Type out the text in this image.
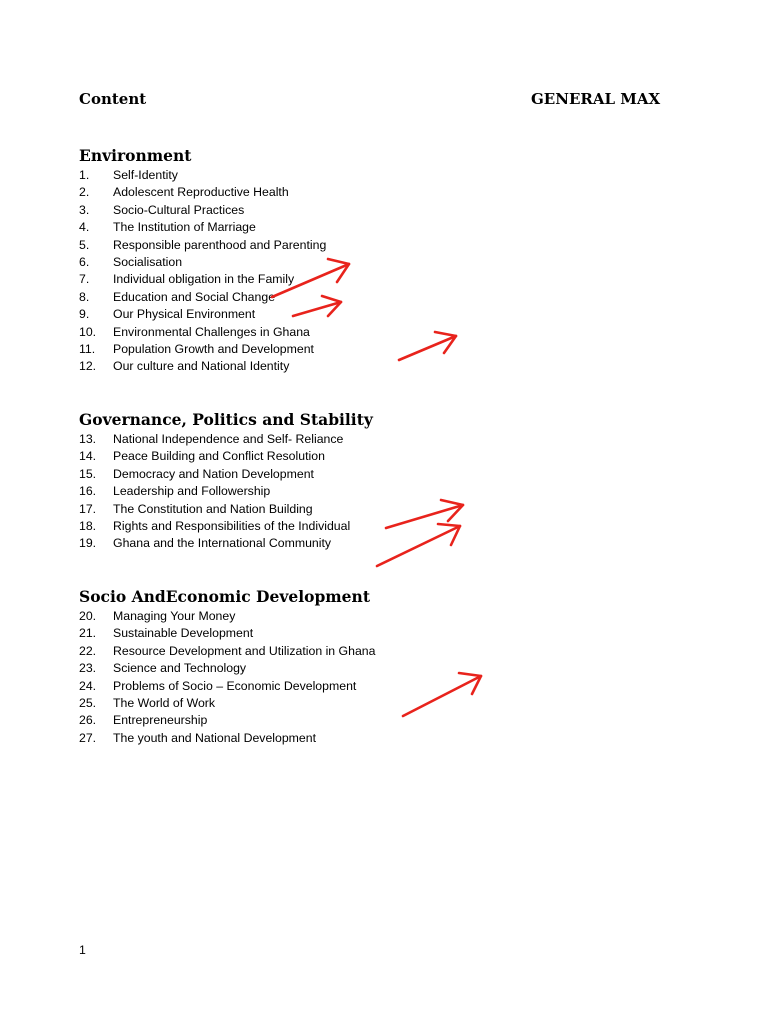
Content	GENERAL MAX
Environment
1. Self-Identity
2. Adolescent Reproductive Health
3. Socio-Cultural Practices
4. The Institution of Marriage
5. Responsible parenthood and Parenting
6. Socialisation
7. Individual obligation in the Family
8. Education and Social Change
9. Our Physical Environment
10. Environmental Challenges in Ghana
11. Population Growth and Development
12. Our culture and National Identity
Governance, Politics and Stability
13. National Independence and Self- Reliance
14. Peace Building and Conflict Resolution
15. Democracy and Nation Development
16. Leadership and Followership
17. The Constitution and Nation Building
18. Rights and Responsibilities of the Individual
19. Ghana and the International Community
Socio AndEconomic Development
20. Managing Your Money
21. Sustainable Development
22. Resource Development and Utilization in Ghana
23. Science and Technology
24. Problems of Socio – Economic Development
25. The World of Work
26. Entrepreneurship
27. The youth and National Development
1
